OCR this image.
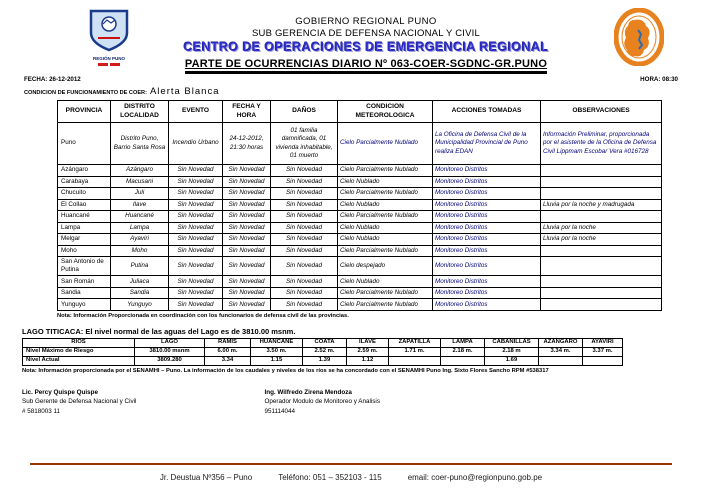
REGIÓN PUNO
GOBIERNO REGIONAL PUNO
SUB GERENCIA DE DEFENSA NACIONAL Y CIVIL
CENTRO DE OPERACIONES DE EMERGENCIA REGIONAL
PARTE DE OCURRENCIAS DIARIO Nº 063-COER-SGDNC-GR.PUNO
FECHA: 26-12-2012	HORA: 08:30
CONDICION DE FUNCIONAMIENTO DE COER: Alerta Blanca
PROVINCIA	DISTRITO LOCALIDAD	EVENTO	FECHA Y HORA	DAÑOS	CONDICION METEOROLOGICA	ACCIONES TOMADAS	OBSERVACIONES
Puno	Distrito Puno, Barrio Santa Rosa	Incendio Urbano	24-12-2012, 21:30 horas	01 familia damnificada, 01 vivienda inhabitable, 01 muerto	Cielo Parcialmente Nublado	La Oficina de Defensa Civil de la Municipalidad Provincial de Puno realiza EDAN	Información Preliminar, proporcionada por el asistente de la Oficina de Defensa Civil Lippmam Escobar Vera #016728
Azángaro	Azángaro	Sin Novedad	Sin Novedad	Sin Novedad	Cielo Parcialmente Nublado	Monitoreo Distritos	
Carabaya	Macusani	Sin Novedad	Sin Novedad	Sin Novedad	Cielo Nublado	Monitoreo Distritos	
Chucuito	Juli	Sin Novedad	Sin Novedad	Sin Novedad	Cielo Parcialmente Nublado	Monitoreo Distritos	
El Collao	Ilave	Sin Novedad	Sin Novedad	Sin Novedad	Cielo Nublado	Monitoreo Distritos	Lluvia por la noche y madrugada
Huancané	Huancané	Sin Novedad	Sin Novedad	Sin Novedad	Cielo Parcialmente Nublado	Monitoreo Distritos	
Lampa	Lampa	Sin Novedad	Sin Novedad	Sin Novedad	Cielo Nublado	Monitoreo Distritos	Lluvia por la noche
Melgar	Ayaviri	Sin Novedad	Sin Novedad	Sin Novedad	Cielo Nublado	Monitoreo Distritos	Lluvia por la noche
Moho	Moho	Sin Novedad	Sin Novedad	Sin Novedad	Cielo Parcialmente Nublado	Monitoreo Distritos	
San Antonio de Putina	Putina	Sin Novedad	Sin Novedad	Sin Novedad	Cielo despejado	Monitoreo Distritos	
San Román	Juliaca	Sin Novedad	Sin Novedad	Sin Novedad	Cielo Nublado	Monitoreo Distritos	
Sandia	Sandia	Sin Novedad	Sin Novedad	Sin Novedad	Cielo Parcialmente Nublado	Monitoreo Distritos	
Yunguyo	Yunguyo	Sin Novedad	Sin Novedad	Sin Novedad	Cielo Parcialmente Nublado	Monitoreo Distritos	
Nota: Información Proporcionada en coordinación con los funcionarios de defensa civil de las provincias.
LAGO TITICACA: El nivel normal de las aguas del Lago es de 3810.00 msnm.
RIOS	LAGO	RAMIS	HUANCANE	COATA	ILAVE	ZAPATILLA	LAMPA	CABANILLAS	AZANGARO	AYAVIRI
Nivel Máximo de Riesgo	3810.00 msnm	6.00 m.	3.50 m.	2.52 m.	2.59 m.	1.71 m.	2.18 m.	2.18 m	3.34 m.	3.37 m.
Nivel Actual	3809.280	3.34	1.15	1.39	1.12			1.69		
Nota: Información proporcionada por el SENAMHI – Puno. La información de los caudales y niveles de los ríos se ha concordado con el SENAMHI Puno Ing. Sixto Flores Sancho RPM #538317
Lic. Percy Quispe Quispe
Sub Gerente de Defensa Nacional y Civil
# 5818003 11
Ing. Wilfredo Zirena Mendoza
Operador Modulo de Monitoreo y Analisis
951114044
Jr. Deustua Nº356 – Puno	Teléfono: 051 – 352103 - 115	email: coer-puno@regionpuno.gob.pe
